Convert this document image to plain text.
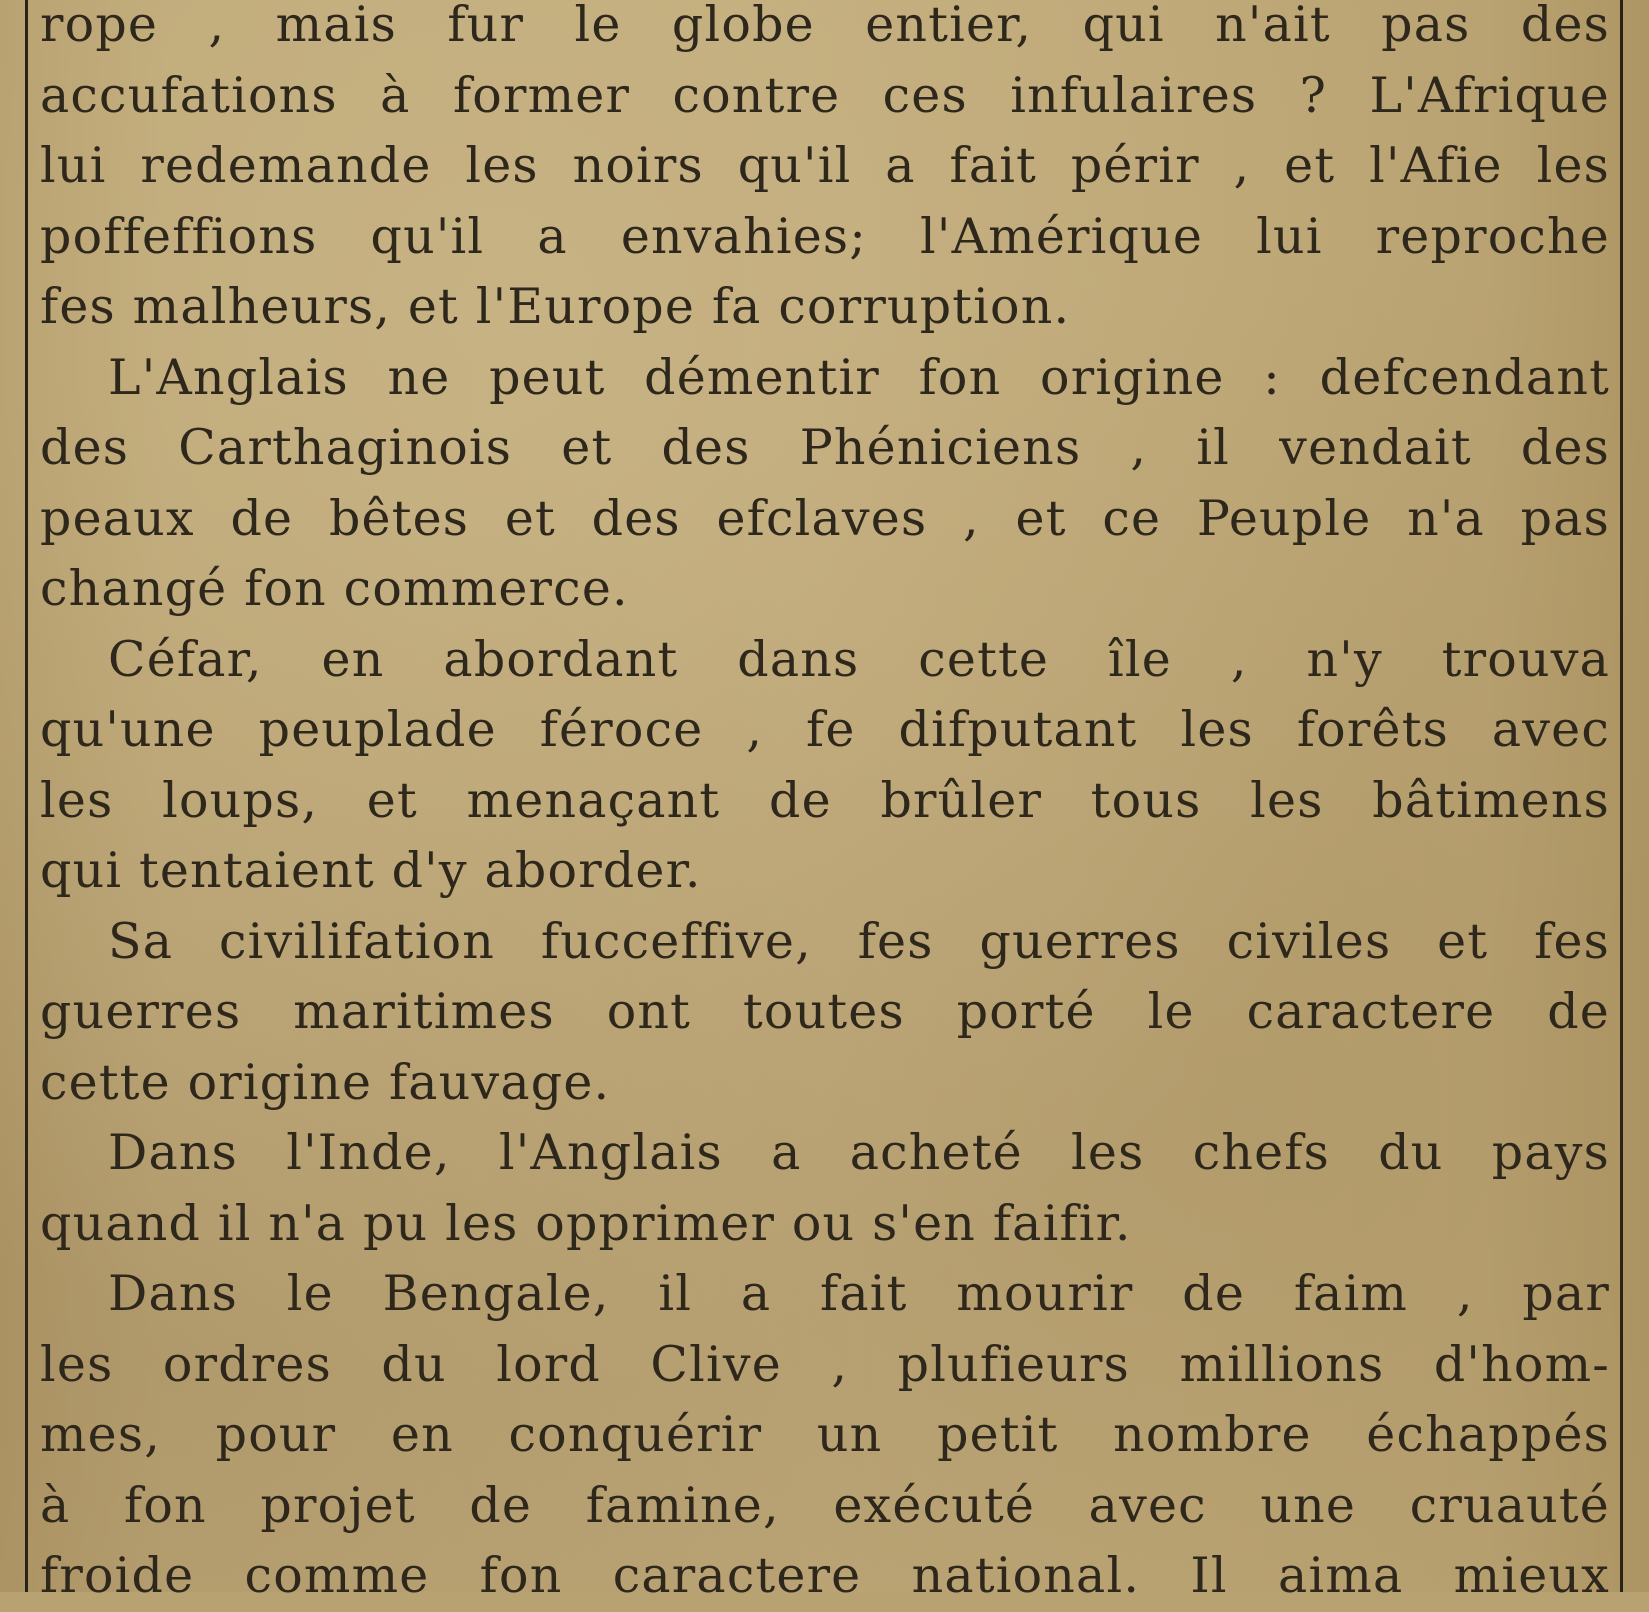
rope , mais fur le globe entier, qui n'ait pas des
accufations à former contre ces infulaires ? L'Afrique
lui redemande les noirs qu'il a fait périr , et l'Afie les
poffeffions qu'il a envahies; l'Amérique lui reproche
fes malheurs, et l'Europe fa corruption.
L'Anglais ne peut démentir fon origine : defcendant
des Carthaginois et des Phéniciens , il vendait des
peaux de bêtes et des efclaves , et ce Peuple n'a pas
changé fon commerce.
Céfar, en abordant dans cette île , n'y trouva
qu'une peuplade féroce , fe difputant les forêts avec
les loups, et menaçant de brûler tous les bâtimens
qui tentaient d'y aborder.
Sa civilifation fucceffive, fes guerres civiles et fes
guerres maritimes ont toutes porté le caractere de
cette origine fauvage.
Dans l'Inde, l'Anglais a acheté les chefs du pays
quand il n'a pu les opprimer ou s'en faifir.
Dans le Bengale, il a fait mourir de faim , par
les ordres du lord Clive , plufieurs millions d'hom-
mes, pour en conquérir un petit nombre échappés
à fon projet de famine, exécuté avec une cruauté
froide comme fon caractere national. Il aima mieux
